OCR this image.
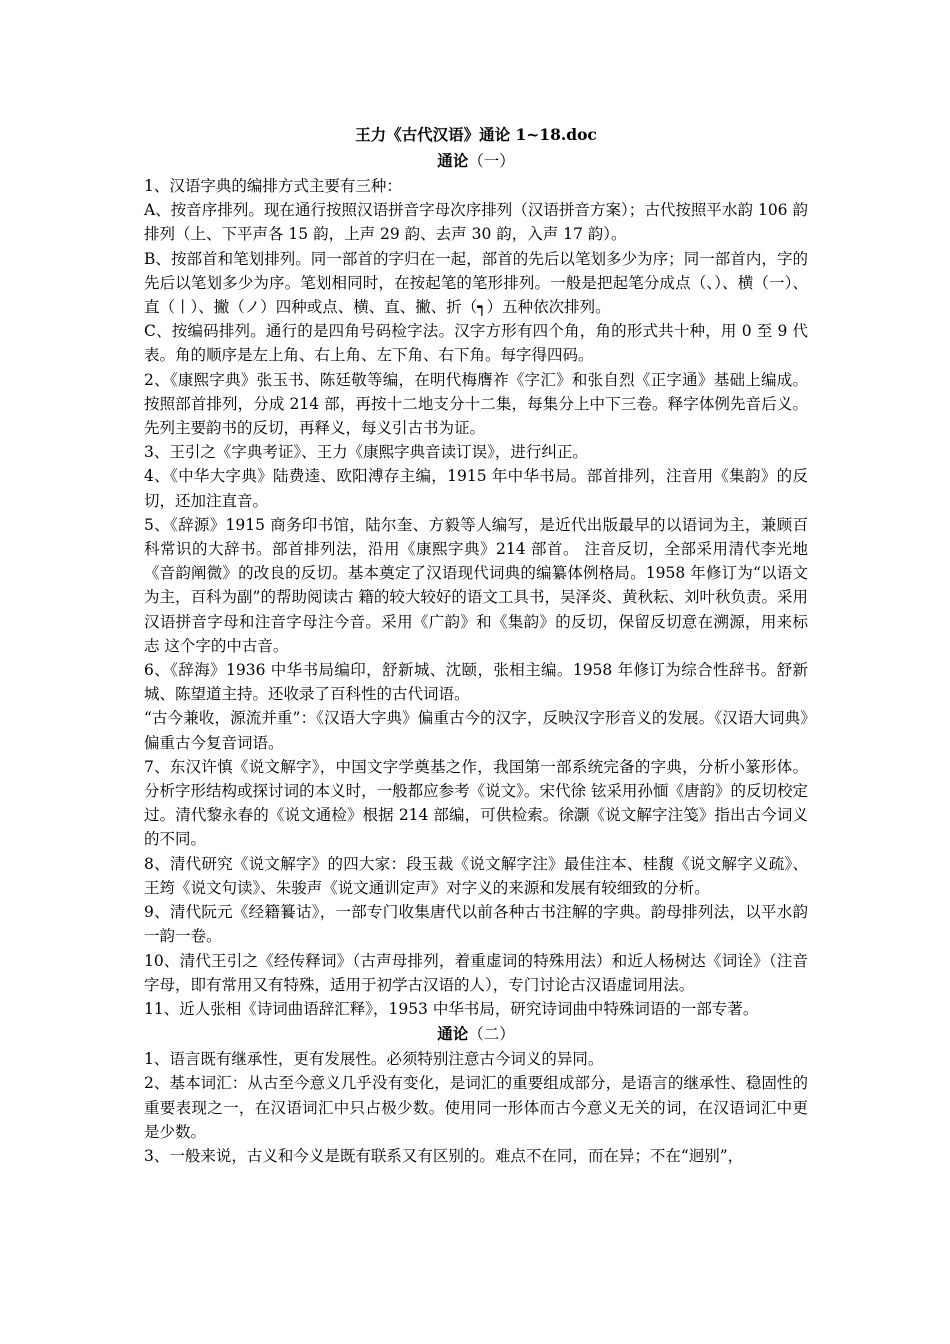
王力《古代汉语》通论 1~18.doc

通论（一）

1、汉语字典的编排方式主要有三种：

A、按音序排列。现在通行按照汉语拼音字母次序排列（汉语拼音方案）；古代按照平水韵 106 韵排列（上、下平声各 15 韵，上声 29 韵、去声 30 韵，入声 17 韵）。

B、按部首和笔划排列。同一部首的字归在一起，部首的先后以笔划多少为序；同一部首内，字的先后以笔划多少为序。笔划相同时，在按起笔的笔形排列。一般是把起笔分成点（、）、横（一）、直（丨）、撇（ノ）四种或点、横、直、撇、折（┑）五种依次排列。

C、按编码排列。通行的是四角号码检字法。汉字方形有四个角，角的形式共十种，用 0 至 9 代表。角的顺序是左上角、右上角、左下角、右下角。每字得四码。

2、《康熙字典》张玉书、陈廷敬等编，在明代梅膺祚《字汇》和张自烈《正字通》基础上编成。按照部首排列，分成 214 部，再按十二地支分十二集，每集分上中下三卷。释字体例先音后义。先列主要韵书的反切，再释义，每义引古书为证。

3、王引之《字典考证》、王力《康熙字典音读订误》，进行纠正。

4、《中华大字典》陆费逵、欧阳溥存主编，1915 年中华书局。部首排列，注音用《集韵》的反切，还加注直音。

5、《辞源》1915 商务印书馆，陆尔奎、方毅等人编写，是近代出版最早的以语词为主，兼顾百科常识的大辞书。部首排列法，沿用《康熙字典》214 部首。 注音反切，全部采用清代李光地《音韵阐微》的改良的反切。基本奠定了汉语现代词典的编纂体例格局。1958 年修订为“以语文为主，百科为副”的帮助阅读古 籍的较大较好的语文工具书，吴泽炎、黄秋耘、刘叶秋负责。采用汉语拼音字母和注音字母注今音。采用《广韵》和《集韵》的反切，保留反切意在溯源，用来标志 这个字的中古音。

6、《辞海》1936 中华书局编印，舒新城、沈颐，张相主编。1958 年修订为综合性辞书。舒新城、陈望道主持。还收录了百科性的古代词语。

“古今兼收，源流并重”：《汉语大字典》偏重古今的汉字，反映汉字形音义的发展。《汉语大词典》偏重古今复音词语。

7、东汉许慎《说文解字》，中国文字学奠基之作，我国第一部系统完备的字典，分析小篆形体。分析字形结构或探讨词的本义时，一般都应参考《说文》。宋代徐 铉采用孙愐《唐韵》的反切校定过。清代黎永春的《说文通检》根据 214 部编，可供检索。徐灏《说文解字注笺》指出古今词义的不同。

8、清代研究《说文解字》的四大家：段玉裁《说文解字注》最佳注本、桂馥《说文解字义疏》、王筠《说文句读》、朱骏声《说文通训定声》对字义的来源和发展有较细致的分析。

9、清代阮元《经籍籑诂》，一部专门收集唐代以前各种古书注解的字典。韵母排列法，以平水韵一韵一卷。

10、清代王引之《经传释词》（古声母排列，着重虚词的特殊用法）和近人杨树达《词诠》（注音字母，即有常用又有特殊，适用于初学古汉语的人），专门讨论古汉语虚词用法。

11、近人张相《诗词曲语辞汇释》，1953 中华书局，研究诗词曲中特殊词语的一部专著。

通论（二）

1、语言既有继承性，更有发展性。必须特别注意古今词义的异同。

2、基本词汇：从古至今意义几乎没有变化，是词汇的重要组成部分，是语言的继承性、稳固性的重要表现之一，在汉语词汇中只占极少数。使用同一形体而古今意义无关的词，在汉语词汇中更是少数。

3、一般来说，古义和今义是既有联系又有区别的。难点不在同，而在异；不在“迥别”，
